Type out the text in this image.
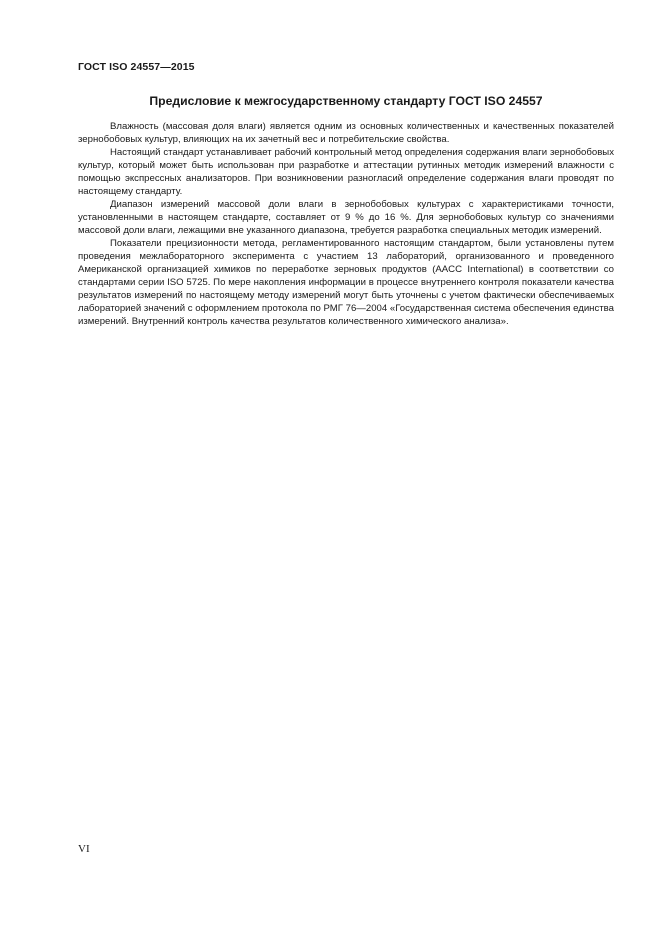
ГОСТ ISO 24557—2015
Предисловие к межгосударственному стандарту ГОСТ ISO 24557

Влажность (массовая доля влаги) является одним из основных количественных и качественных показателей зернобобовых культур, влияющих на их зачетный вес и потребительские свойства.

Настоящий стандарт устанавливает рабочий контрольный метод определения содержания влаги зернобобовых культур, который может быть использован при разработке и аттестации рутинных методик измерений влажности с помощью экспрессных анализаторов. При возникновении разногласий определение содержания влаги проводят по настоящему стандарту.

Диапазон измерений массовой доли влаги в зернобобовых культурах с характеристиками точности, установленными в настоящем стандарте, составляет от 9 % до 16 %. Для зернобобовых культур со значениями массовой доли влаги, лежащими вне указанного диапазона, требуется разработка специальных методик измерений.

Показатели прецизионности метода, регламентированного настоящим стандартом, были установлены путем проведения межлабораторного эксперимента с участием 13 лабораторий, организованного и проведенного Американской организацией химиков по переработке зерновых продуктов (AACC International) в соответствии со стандартами серии ISO 5725. По мере накопления информации в процессе внутреннего контроля показатели качества результатов измерений по настоящему методу измерений могут быть уточнены с учетом фактически обеспечиваемых лабораторией значений с оформлением протокола по РМГ 76—2004 «Государственная система обеспечения единства измерений. Внутренний контроль качества результатов количественного химического анализа».

VI
